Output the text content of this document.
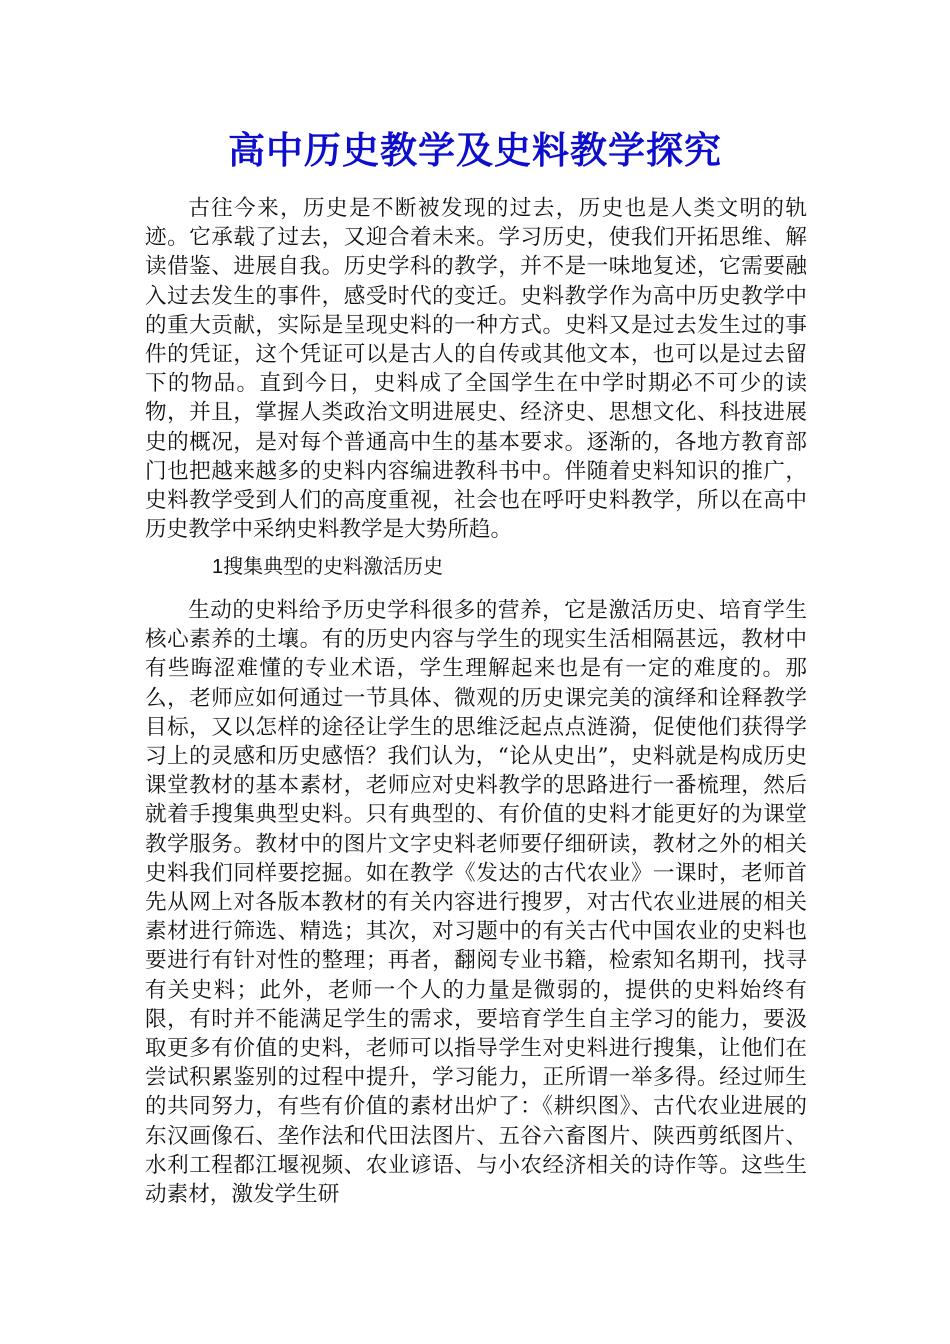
高中历史教学及史料教学探究

古往今来，历史是不断被发现的过去，历史也是人类文明的轨迹。它承载了过去，又迎合着未来。学习历史，使我们开拓思维、解读借鉴、进展自我。历史学科的教学，并不是一味地复述，它需要融入过去发生的事件，感受时代的变迁。史料教学作为高中历史教学中的重大贡献，实际是呈现史料的一种方式。史料又是过去发生过的事件的凭证，这个凭证可以是古人的自传或其他文本，也可以是过去留下的物品。直到今日，史料成了全国学生在中学时期必不可少的读物，并且，掌握人类政治文明进展史、经济史、思想文化、科技进展史的概况，是对每个普通高中生的基本要求。逐渐的，各地方教育部门也把越来越多的史料内容编进教科书中。伴随着史料知识的推广，史料教学受到人们的高度重视，社会也在呼吁史料教学，所以在高中历史教学中采纳史料教学是大势所趋。

1搜集典型的史料激活历史

生动的史料给予历史学科很多的营养，它是激活历史、培育学生核心素养的土壤。有的历史内容与学生的现实生活相隔甚远，教材中有些晦涩难懂的专业术语，学生理解起来也是有一定的难度的。那么，老师应如何通过一节具体、微观的历史课完美的演绎和诠释教学目标，又以怎样的途径让学生的思维泛起点点涟漪，促使他们获得学习上的灵感和历史感悟？我们认为，“论从史出”，史料就是构成历史课堂教材的基本素材，老师应对史料教学的思路进行一番梳理，然后就着手搜集典型史料。只有典型的、有价值的史料才能更好的为课堂教学服务。教材中的图片文字史料老师要仔细研读，教材之外的相关史料我们同样要挖掘。如在教学《发达的古代农业》一课时，老师首先从网上对各版本教材的有关内容进行搜罗，对古代农业进展的相关素材进行筛选、精选；其次，对习题中的有关古代中国农业的史料也要进行有针对性的整理；再者，翻阅专业书籍，检索知名期刊，找寻有关史料；此外，老师一个人的力量是微弱的，提供的史料始终有限，有时并不能满足学生的需求，要培育学生自主学习的能力，要汲取更多有价值的史料，老师可以指导学生对史料进行搜集，让他们在尝试积累鉴别的过程中提升，学习能力，正所谓一举多得。经过师生的共同努力，有些有价值的素材出炉了：《耕织图》、古代农业进展的东汉画像石、垄作法和代田法图片、五谷六畜图片、陕西剪纸图片、水利工程都江堰视频、农业谚语、与小农经济相关的诗作等。这些生动素材，激发学生研
